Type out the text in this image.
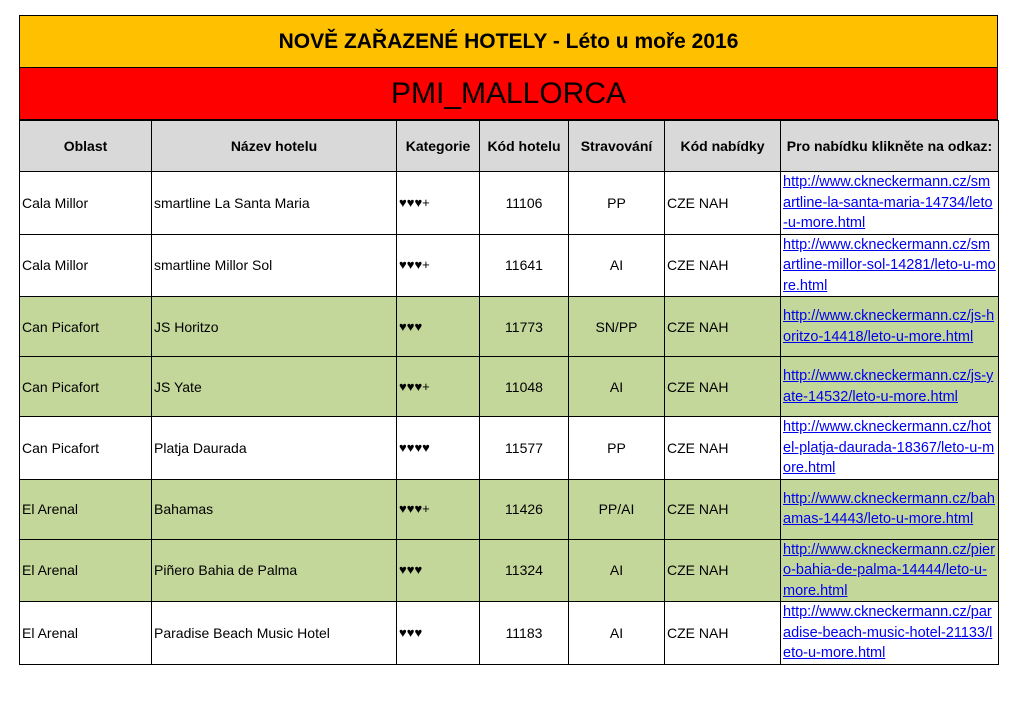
NOVĚ ZAŘAZENÉ HOTELY - Léto u moře 2016
PMI_MALLORCA
Oblast	Název hotelu	Kategorie	Kód hotelu	Stravování	Kód nabídky	Pro nabídku klikněte na odkaz:
Cala Millor	smartline La Santa Maria	♥♥♥+	11106	PP	CZE NAH	http://www.ckneckermann.cz/smartline-la-santa-maria-14734/leto-u-more.html

Cala Millor	smartline Millor Sol	♥♥♥+	11641	AI	CZE NAH	http://www.ckneckermann.cz/smartline-millor-sol-14281/leto-u-more.html

Can Picafort	JS Horitzo	♥♥♥	11773	SN/PP	CZE NAH	http://www.ckneckermann.cz/js-horitzo-14418/leto-u-more.html

Can Picafort	JS Yate	♥♥♥+	11048	AI	CZE NAH	http://www.ckneckermann.cz/js-yate-14532/leto-u-more.html

Can Picafort	Platja Daurada	♥♥♥♥	11577	PP	CZE NAH	http://www.ckneckermann.cz/hotel-platja-daurada-18367/leto-u-more.html

El Arenal	Bahamas	♥♥♥+	11426	PP/AI	CZE NAH	http://www.ckneckermann.cz/bahamas-14443/leto-u-more.html

El Arenal	Piñero Bahia de Palma	♥♥♥	11324	AI	CZE NAH	http://www.ckneckermann.cz/piero-bahia-de-palma-14444/leto-u-more.html

El Arenal	Paradise Beach Music Hotel	♥♥♥	11183	AI	CZE NAH	http://www.ckneckermann.cz/paradise-beach-music-hotel-21133/leto-u-more.html
